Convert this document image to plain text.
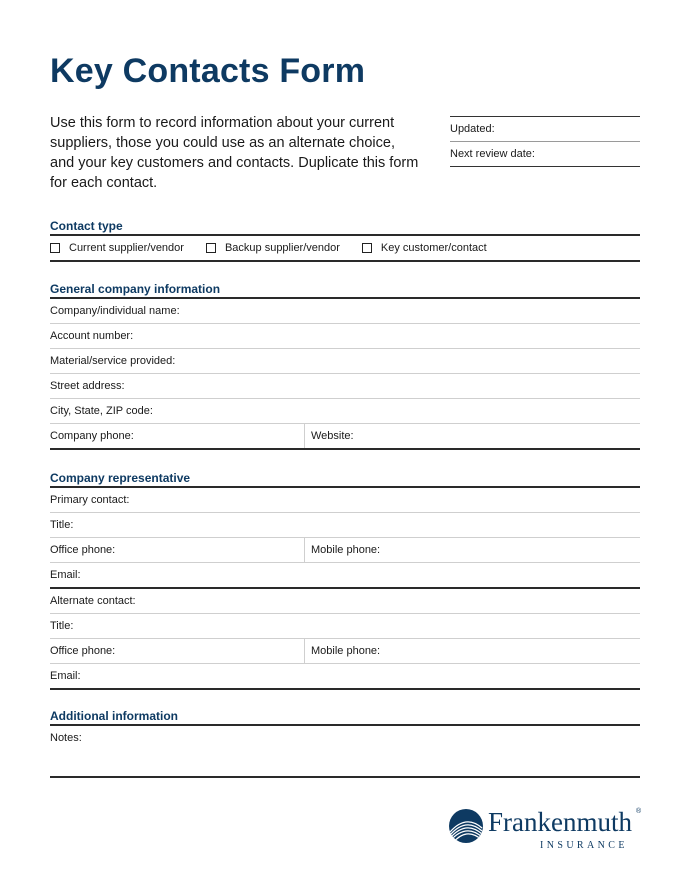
Key Contacts Form
Use this form to record information about your current suppliers, those you could use as an alternate choice, and your key customers and contacts. Duplicate this form for each contact.
Updated:
Next review date:
Contact type
Current supplier/vendor	Backup supplier/vendor	Key customer/contact
General company information
Company/individual name:
Account number:
Material/service provided:
Street address:
City, State, ZIP code:
Company phone:	Website:
Company representative
Primary contact:
Title:
Office phone:	Mobile phone:
Email:
Alternate contact:
Title:
Office phone:	Mobile phone:
Email:
Additional information
Notes:
Frankenmuth ®
INSURANCE
